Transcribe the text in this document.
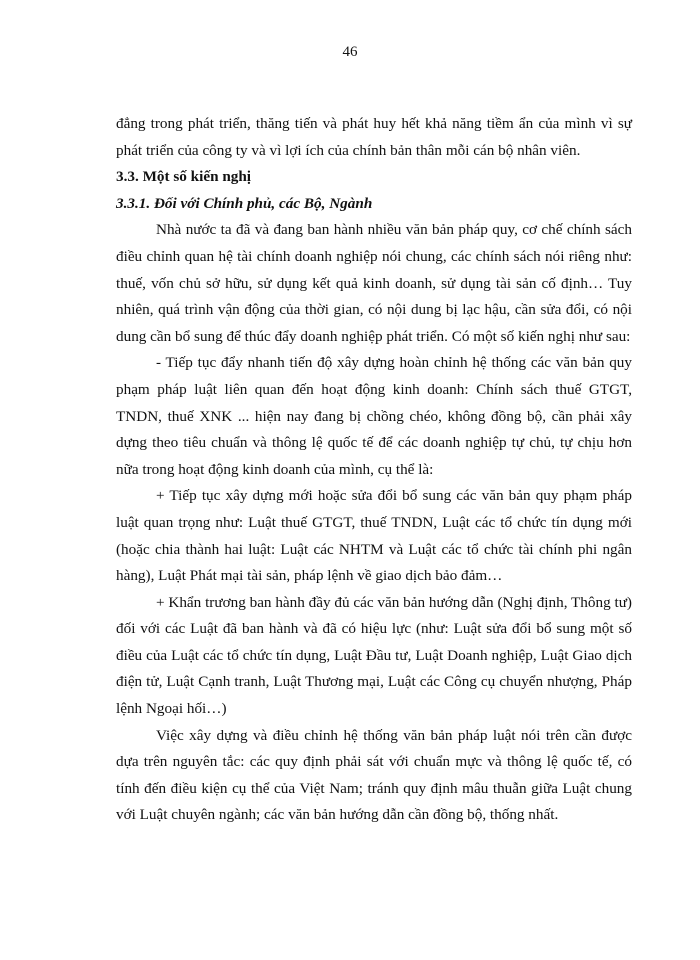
46

đẳng trong phát triển, thăng tiến và phát huy hết khả năng tiềm ẩn của mình vì sự phát triển của công ty và vì lợi ích của chính bản thân mỗi cán bộ nhân viên.

3.3. Một số kiến nghị

3.3.1. Đối với Chính phủ, các Bộ, Ngành

Nhà nước ta đã và đang ban hành nhiều văn bản pháp quy, cơ chế chính sách điều chỉnh quan hệ tài chính doanh nghiệp nói chung, các chính sách nói riêng như: thuế, vốn chủ sở hữu, sử dụng kết quả kinh doanh, sử dụng tài sản cố định… Tuy nhiên, quá trình vận động của thời gian, có nội dung bị lạc hậu, cần sửa đổi, có nội dung cần bổ sung để thúc đẩy doanh nghiệp phát triển. Có một số kiến nghị như sau:

- Tiếp tục đẩy nhanh tiến độ xây dựng hoàn chỉnh hệ thống các văn bản quy phạm pháp luật liên quan đến hoạt động kinh doanh: Chính sách thuế GTGT, TNDN, thuế XNK ... hiện nay đang bị chồng chéo, không đồng bộ, cần phải xây dựng theo tiêu chuẩn và thông lệ quốc tế để các doanh nghiệp tự chủ, tự chịu hơn nữa trong hoạt động kinh doanh của mình, cụ thể là:

+ Tiếp tục xây dựng mới hoặc sửa đổi bổ sung các văn bản quy phạm pháp luật quan trọng như: Luật thuế GTGT, thuế TNDN, Luật các tổ chức tín dụng mới (hoặc chia thành hai luật: Luật các NHTM và Luật các tổ chức tài chính phi ngân hàng), Luật Phát mại tài sản, pháp lệnh về giao dịch bảo đảm…

+ Khẩn trương ban hành đầy đủ các văn bản hướng dẫn (Nghị định, Thông tư) đối với các Luật đã ban hành và đã có hiệu lực (như: Luật sửa đổi bổ sung một số điều của Luật các tổ chức tín dụng, Luật Đầu tư, Luật Doanh nghiệp, Luật Giao dịch điện tử, Luật Cạnh tranh, Luật Thương mại, Luật các Công cụ chuyển nhượng, Pháp lệnh Ngoại hối…)

Việc xây dựng và điều chỉnh hệ thống văn bản pháp luật nói trên cần được dựa trên nguyên tắc: các quy định phải sát với chuẩn mực và thông lệ quốc tế, có tính đến điều kiện cụ thể của Việt Nam; tránh quy định mâu thuẫn giữa Luật chung với Luật chuyên ngành; các văn bản hướng dẫn cần đồng bộ, thống nhất.
